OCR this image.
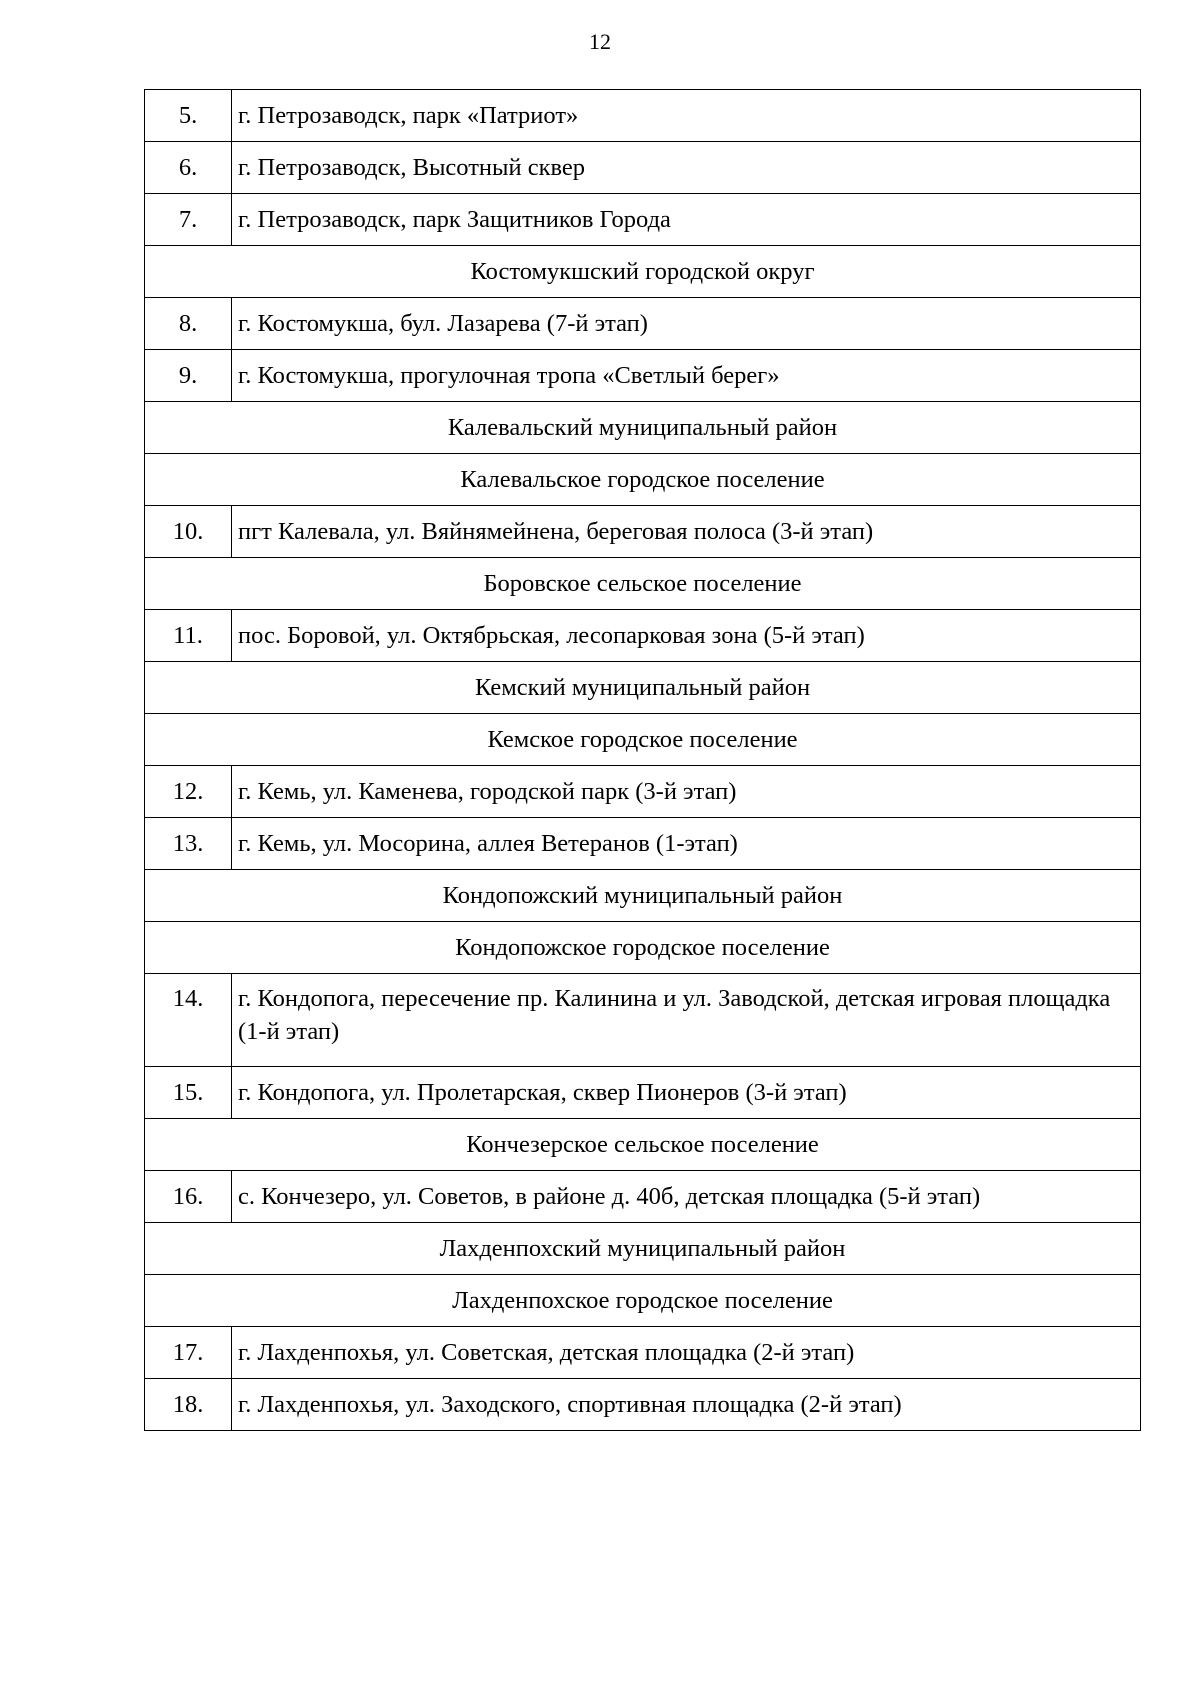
12
5.	г. Петрозаводск, парк «Патриот»
6.	г. Петрозаводск, Высотный сквер
7.	г. Петрозаводск, парк Защитников Города
Костомукшский городской округ	
8.	г. Костомукша, бул. Лазарева (7-й этап)
9.	г. Костомукша, прогулочная тропа «Светлый берег»
Калевальский муниципальный район	
Калевальское городское поселение	
10.	пгт Калевала, ул. Вяйнямейнена, береговая полоса (3-й этап)
Боровское сельское поселение	
11.	пос. Боровой, ул. Октябрьская, лесопарковая зона (5-й этап)
Кемский муниципальный район	
Кемское городское поселение	
12.	г. Кемь, ул. Каменева, городской парк (3-й этап)
13.	г. Кемь, ул. Мосорина, аллея Ветеранов (1-этап)
Кондопожский муниципальный район	
Кондопожское городское поселение	
14.	г. Кондопога, пересечение пр. Калинина и ул. Заводской, детская игровая площадка (1-й этап)
15.	г. Кондопога, ул. Пролетарская, сквер Пионеров (3-й этап)
Кончезерское сельское поселение	
16.	с. Кончезеро, ул. Советов, в районе д. 40б, детская площадка (5-й этап)
Лахденпохский муниципальный район	
Лахденпохское городское поселение	
17.	г. Лахденпохья, ул. Советская, детская площадка (2-й этап)
18.	г. Лахденпохья, ул. Заходского, спортивная площадка (2-й этап)
